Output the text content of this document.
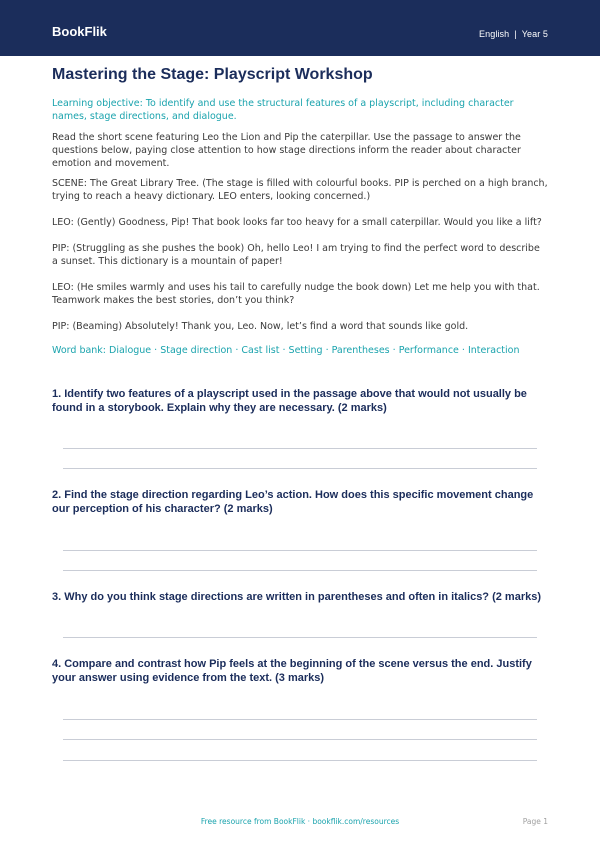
BookFlik	English | Year 5
Mastering the Stage: Playscript Workshop
Learning objective: To identify and use the structural features of a playscript, including character names, stage directions, and dialogue.
Read the short scene featuring Leo the Lion and Pip the caterpillar. Use the passage to answer the questions below, paying close attention to how stage directions inform the reader about character emotion and movement.
SCENE: The Great Library Tree. (The stage is filled with colourful books. PIP is perched on a high branch, trying to reach a heavy dictionary. LEO enters, looking concerned.)
LEO: (Gently) Goodness, Pip! That book looks far too heavy for a small caterpillar. Would you like a lift?
PIP: (Struggling as she pushes the book) Oh, hello Leo! I am trying to find the perfect word to describe a sunset. This dictionary is a mountain of paper!
LEO: (He smiles warmly and uses his tail to carefully nudge the book down) Let me help you with that. Teamwork makes the best stories, don’t you think?
PIP: (Beaming) Absolutely! Thank you, Leo. Now, let’s find a word that sounds like gold.
Word bank: Dialogue · Stage direction · Cast list · Setting · Parentheses · Performance · Interaction
1. Identify two features of a playscript used in the passage above that would not usually be found in a storybook. Explain why they are necessary. (2 marks)
2. Find the stage direction regarding Leo’s action. How does this specific movement change our perception of his character? (2 marks)
3. Why do you think stage directions are written in parentheses and often in italics? (2 marks)
4. Compare and contrast how Pip feels at the beginning of the scene versus the end. Justify your answer using evidence from the text. (3 marks)
Free resource from BookFlik · bookflik.com/resources	Page 1
